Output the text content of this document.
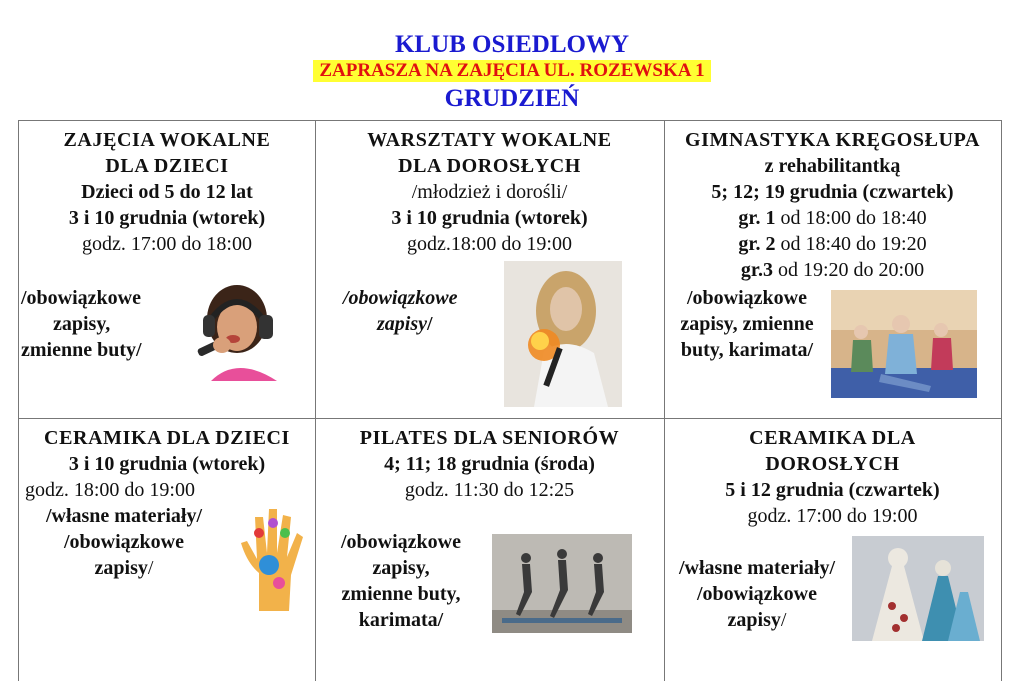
KLUB OSIEDLOWY
ZAPRASZA NA ZAJĘCIA UL. ROZEWSKA 1
GRUDZIEŃ
ZAJĘCIA WOKALNE
DLA DZIECI
Dzieci od 5 do 12 lat
3 i 10 grudnia (wtorek)
godz. 17:00 do 18:00
/obowiązkowe
zapisy,
zmienne buty/
WARSZTATY WOKALNE
DLA DOROSŁYCH
/młodzież i dorośli/
3 i 10 grudnia (wtorek)
godz.18:00 do 19:00
/obowiązkowe
zapisy/
GIMNASTYKA KRĘGOSŁUPA
z rehabilitantką
5; 12; 19 grudnia (czwartek)
gr. 1 od 18:00 do 18:40
gr. 2 od 18:40 do 19:20
gr.3 od 19:20 do 20:00
/obowiązkowe
zapisy, zmienne
buty, karimata/
CERAMIKA DLA DZIECI
3 i 10 grudnia (wtorek)
godz. 18:00 do 19:00
/własne materiały/
/obowiązkowe
zapisy/
PILATES DLA SENIORÓW
4; 11; 18 grudnia (środa)
godz. 11:30 do 12:25
/obowiązkowe
zapisy,
zmienne buty,
karimata/
CERAMIKA DLA
DOROSŁYCH
5 i 12 grudnia (czwartek)
godz. 17:00 do 19:00
/własne materiały/
/obowiązkowe
zapisy/
